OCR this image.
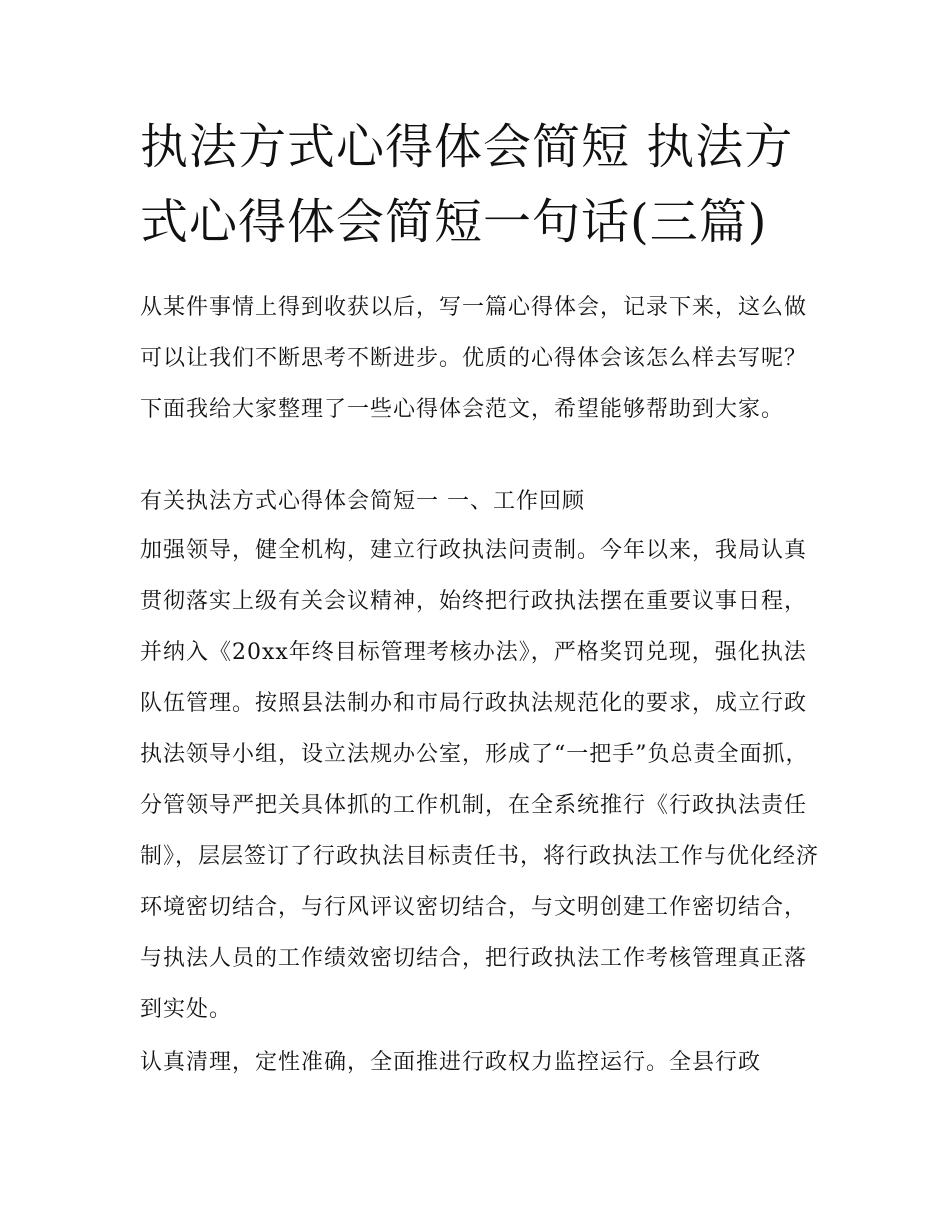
执法方式心得体会简短 执法方式心得体会简短一句话(三篇)

从某件事情上得到收获以后，写一篇心得体会，记录下来，这么做可以让我们不断思考不断进步。优质的心得体会该怎么样去写呢？下面我给大家整理了一些心得体会范文，希望能够帮助到大家。

有关执法方式心得体会简短一 一、工作回顾

加强领导，健全机构，建立行政执法问责制。今年以来，我局认真贯彻落实上级有关会议精神，始终把行政执法摆在重要议事日程，并纳入《20xx年终目标管理考核办法》，严格奖罚兑现，强化执法队伍管理。按照县法制办和市局行政执法规范化的要求，成立行政执法领导小组，设立法规办公室，形成了“一把手”负总责全面抓，分管领导严把关具体抓的工作机制，在全系统推行《行政执法责任制》，层层签订了行政执法目标责任书，将行政执法工作与优化经济环境密切结合，与行风评议密切结合，与文明创建工作密切结合，与执法人员的工作绩效密切结合，把行政执法工作考核管理真正落到实处。

认真清理，定性准确，全面推进行政权力监控运行。全县行政
